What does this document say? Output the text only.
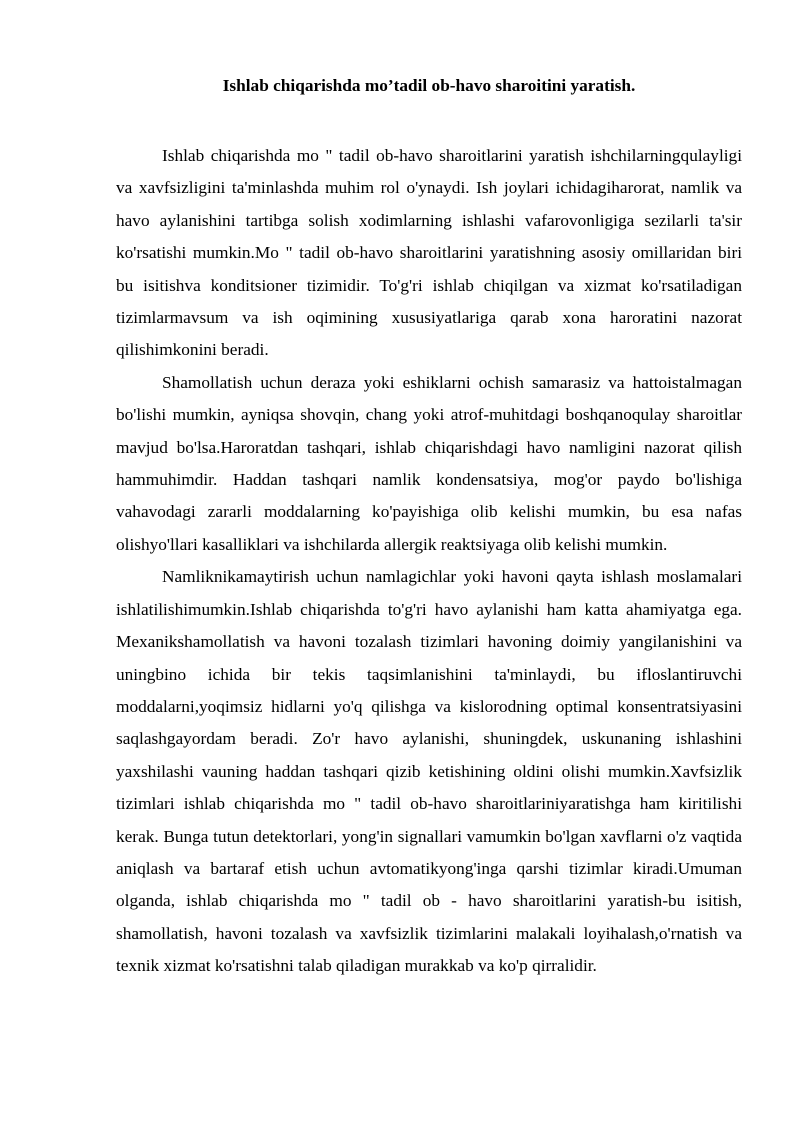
Ishlab chiqarishda mo’tadil ob-havo sharoitini yaratish.

Ishlab chiqarishda mo " tadil ob-havo sharoitlarini yaratish ishchilarningqulayligi va xavfsizligini ta'minlashda muhim rol o'ynaydi. Ish joylari ichidagiharorat, namlik va havo aylanishini tartibga solish xodimlarning ishlashi vafarovonligiga sezilarli ta'sir ko'rsatishi mumkin.Mo " tadil ob-havo sharoitlarini yaratishning asosiy omillaridan biri bu isitishva konditsioner tizimidir. To'g'ri ishlab chiqilgan va xizmat ko'rsatiladigan tizimlarmavsum va ish oqimining xususiyatlariga qarab xona haroratini nazorat qilishimkonini beradi.

Shamollatish uchun deraza yoki eshiklarni ochish samarasiz va hattoistalmagan bo'lishi mumkin, ayniqsa shovqin, chang yoki atrof-muhitdagi boshqanoqulay sharoitlar mavjud bo'lsa.Haroratdan tashqari, ishlab chiqarishdagi havo namligini nazorat qilish hammuhimdir. Haddan tashqari namlik kondensatsiya, mog'or paydo bo'lishiga vahavodagi zararli moddalarning ko'payishiga olib kelishi mumkin, bu esa nafas olishyo'llari kasalliklari va ishchilarda allergik reaktsiyaga olib kelishi mumkin.

Namliknikamaytirish uchun namlagichlar yoki havoni qayta ishlash moslamalari ishlatilishimumkin.Ishlab chiqarishda to'g'ri havo aylanishi ham katta ahamiyatga ega. Mexanikshamollatish va havoni tozalash tizimlari havoning doimiy yangilanishini va uningbino ichida bir tekis taqsimlanishini ta'minlaydi, bu ifloslantiruvchi moddalarni,yoqimsiz hidlarni yo'q qilishga va kislorodning optimal konsentratsiyasini saqlashgayordam beradi. Zo'r havo aylanishi, shuningdek, uskunaning ishlashini yaxshilashi vauning haddan tashqari qizib ketishining oldini olishi mumkin.Xavfsizlik tizimlari ishlab chiqarishda mo " tadil ob-havo sharoitlariniyaratishga ham kiritilishi kerak. Bunga tutun detektorlari, yong'in signallari vamumkin bo'lgan xavflarni o'z vaqtida aniqlash va bartaraf etish uchun avtomatikyong'inga qarshi tizimlar kiradi.Umuman olganda, ishlab chiqarishda mo " tadil ob - havo sharoitlarini yaratish-bu isitish, shamollatish, havoni tozalash va xavfsizlik tizimlarini malakali loyihalash,o'rnatish va texnik xizmat ko'rsatishni talab qiladigan murakkab va ko'p qirralidir.
